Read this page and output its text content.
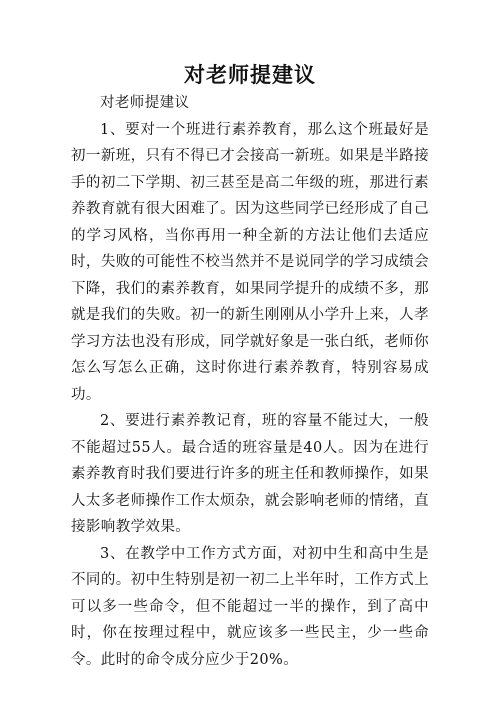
对老师提建议

对老师提建议

1、要对一个班进行素养教育，那么这个班最好是初一新班，只有不得已才会接高一新班。如果是半路接手的初二下学期、初三甚至是高二年级的班，那进行素养教育就有很大困难了。因为这些同学已经形成了自己的学习风格，当你再用一种全新的方法让他们去适应时，失败的可能性不校当然并不是说同学的学习成绩会下降，我们的素养教育，如果同学提升的成绩不多，那就是我们的失败。初一的新生刚刚从小学升上来，人孝学习方法也没有形成，同学就好象是一张白纸，老师你怎么写怎么正确，这时你进行素养教育，特别容易成功。

2、要进行素养教记育，班的容量不能过大，一般不能超过55人。最合适的班容量是40人。因为在进行素养教育时我们要进行许多的班主任和教师操作，如果人太多老师操作工作太烦杂，就会影响老师的情绪，直接影响教学效果。

3、在教学中工作方式方面，对初中生和高中生是不同的。初中生特别是初一初二上半年时，工作方式上可以多一些命令，但不能超过一半的操作，到了高中时，你在按理过程中，就应该多一些民主，少一些命令。此时的命令成分应少于20%。
